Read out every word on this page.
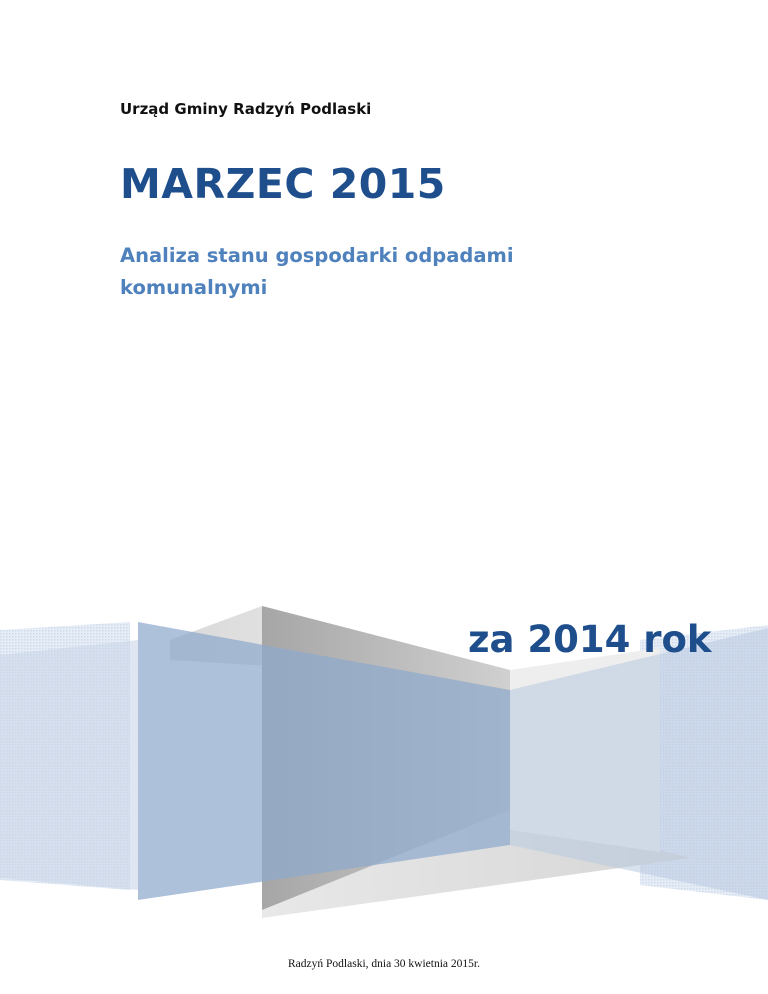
Urząd Gminy Radzyń Podlaski
MARZEC 2015
Analiza stanu gospodarki odpadami komunalnymi
za 2014 rok
Radzyń Podlaski, dnia 30 kwietnia 2015r.
